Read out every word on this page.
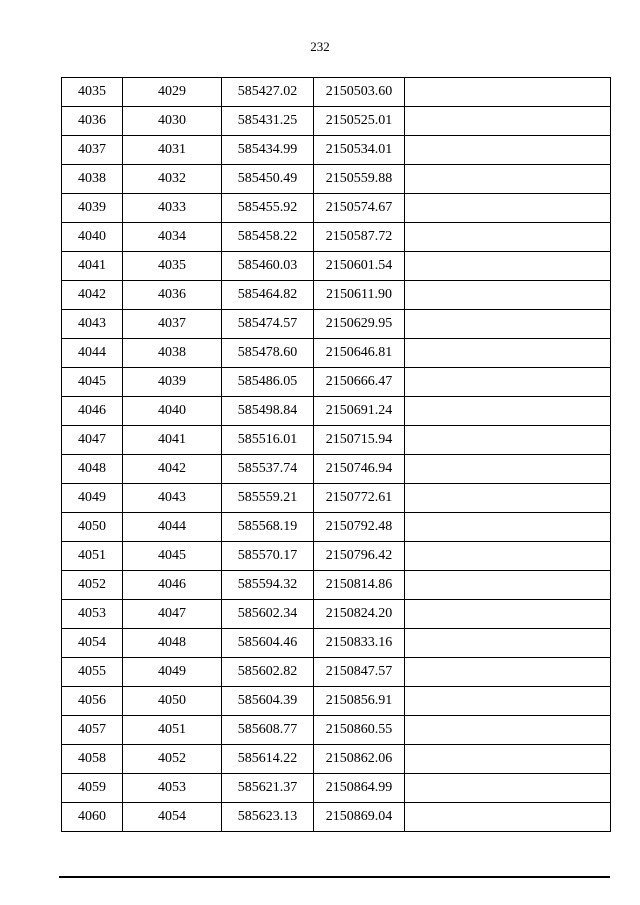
232
4035	4029	585427.02	2150503.60	
4036	4030	585431.25	2150525.01	
4037	4031	585434.99	2150534.01	
4038	4032	585450.49	2150559.88	
4039	4033	585455.92	2150574.67	
4040	4034	585458.22	2150587.72	
4041	4035	585460.03	2150601.54	
4042	4036	585464.82	2150611.90	
4043	4037	585474.57	2150629.95	
4044	4038	585478.60	2150646.81	
4045	4039	585486.05	2150666.47	
4046	4040	585498.84	2150691.24	
4047	4041	585516.01	2150715.94	
4048	4042	585537.74	2150746.94	
4049	4043	585559.21	2150772.61	
4050	4044	585568.19	2150792.48	
4051	4045	585570.17	2150796.42	
4052	4046	585594.32	2150814.86	
4053	4047	585602.34	2150824.20	
4054	4048	585604.46	2150833.16	
4055	4049	585602.82	2150847.57	
4056	4050	585604.39	2150856.91	
4057	4051	585608.77	2150860.55	
4058	4052	585614.22	2150862.06	
4059	4053	585621.37	2150864.99	
4060	4054	585623.13	2150869.04	
